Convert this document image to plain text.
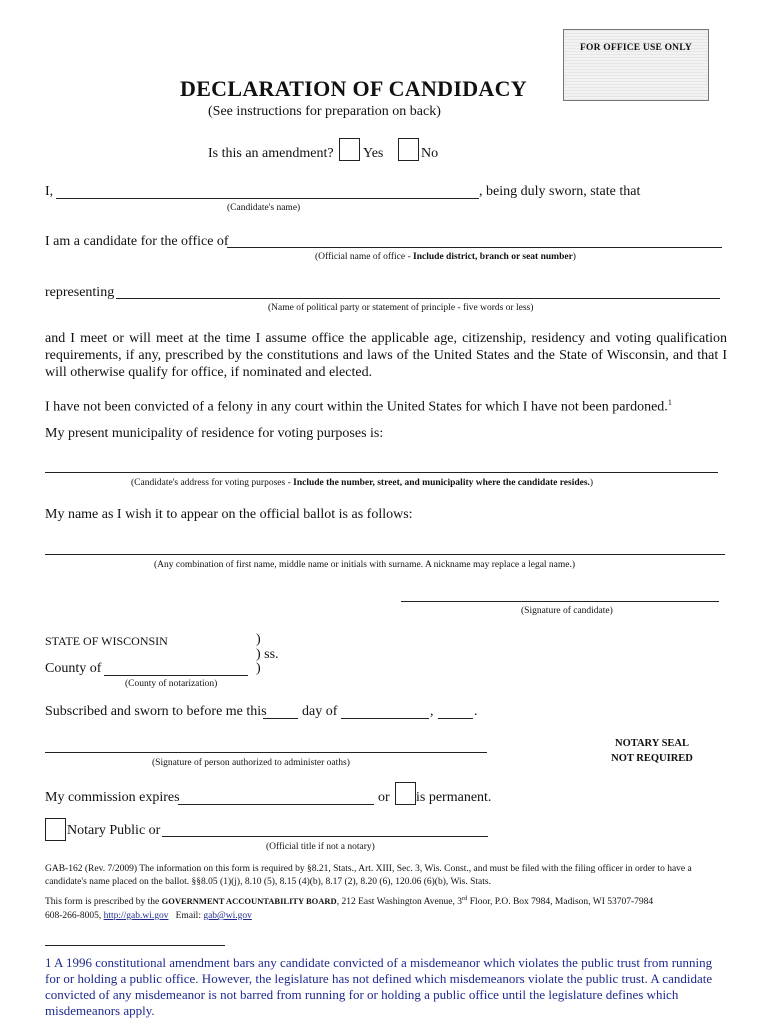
FOR OFFICE USE ONLY
DECLARATION OF CANDIDACY
(See instructions for preparation on back)
Is this an amendment? Yes	No
I,	, being duly sworn, state that
(Candidate's name)
I am a candidate for the office of
(Official name of office - Include district, branch or seat number)
representing
(Name of political party or statement of principle - five words or less)
and I meet or will meet at the time I assume office the applicable age, citizenship, residency and voting qualification requirements, if any, prescribed by the constitutions and laws of the United States and the State of Wisconsin, and that I will otherwise qualify for office, if nominated and elected.
I have not been convicted of a felony in any court within the United States for which I have not been pardoned.$^1$
My present municipality of residence for voting purposes is:
(Candidate's address for voting purposes - Include the number, street, and municipality where the candidate resides.)
My name as I wish it to appear on the official ballot is as follows:
(Any combination of first name, middle name or initials with surname. A nickname may replace a legal name.)
(Signature of candidate)
STATE OF WISCONSIN	)
) ss.
County of	)
(County of notarization)
Subscribed and sworn to before me this	day of	,	.
NOTARY SEAL
NOT REQUIRED
(Signature of person authorized to administer oaths)
My commission expires	or is permanent.
Notary Public or
(Official title if not a notary)
GAB-162 (Rev. 7/2009) The information on this form is required by §8.21, Stats., Art. XIII, Sec. 3, Wis. Const., and must be filed with the filing officer in order to have a candidate's name placed on the ballot. §§8.05 (1)(j), 8.10 (5), 8.15 (4)(b), 8.17 (2), 8.20 (6), 120.06 (6)(b), Wis. Stats.
This form is prescribed by the GOVERNMENT ACCOUNTABILITY BOARD, 212 East Washington Avenue, 3rd Floor, P.O. Box 7984, Madison, WI 53707-7984
608-266-8005, http://gab.wi.gov Email: gab@wi.gov
1 A 1996 constitutional amendment bars any candidate convicted of a misdemeanor which violates the public trust from running for or holding a public office. However, the legislature has not defined which misdemeanors violate the public trust. A candidate convicted of any misdemeanor is not barred from running for or holding a public office until the legislature defines which misdemeanors apply.
